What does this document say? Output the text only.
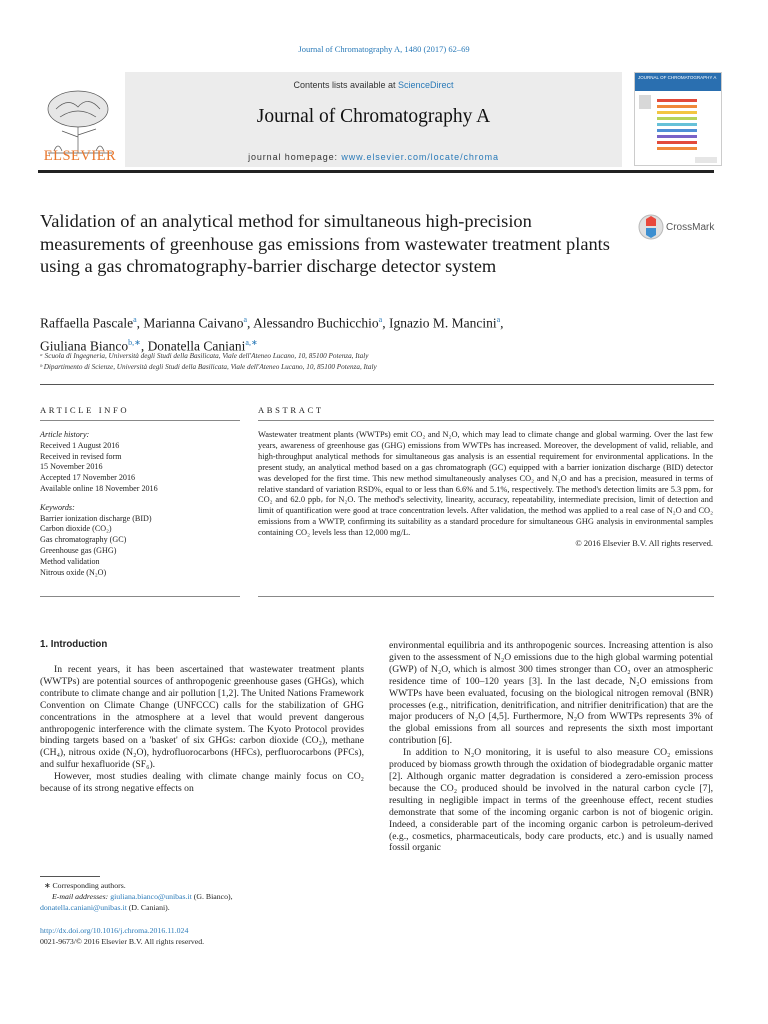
Journal of Chromatography A, 1480 (2017) 62–69
ELSEVIER
Contents lists available at ScienceDirect
Journal of Chromatography A
journal homepage: www.elsevier.com/locate/chroma
JOURNAL OF CHROMATOGRAPHY A
Validation of an analytical method for simultaneous high-precision measurements of greenhouse gas emissions from wastewater treatment plants using a gas chromatography-barrier discharge detector system
CrossMark
Raffaella Pascale$^a$, Marianna Caivano$^a$, Alessandro Buchicchio$^a$, Ignazio M. Mancini$^a$,
Giuliana Bianco$^{b,∗}$, Donatella Caniani$^{a,∗}$
ᵃ Scuola di Ingegneria, Università degli Studi della Basilicata, Viale dell'Ateneo Lucano, 10, 85100 Potenza, Italy
ᵇ Dipartimento di Scienze, Università degli Studi della Basilicata, Viale dell'Ateneo Lucano, 10, 85100 Potenza, Italy
ARTICLE INFO
Article history:
Received 1 August 2016
Received in revised form
15 November 2016
Accepted 17 November 2016
Available online 18 November 2016
Keywords:
Barrier ionization discharge (BID)
Carbon dioxide (CO₂)
Gas chromatography (GC)
Greenhouse gas (GHG)
Method validation
Nitrous oxide (N₂O)
ABSTRACT
Wastewater treatment plants (WWTPs) emit CO₂ and N₂O, which may lead to climate change and global warming. Over the last few years, awareness of greenhouse gas (GHG) emissions from WWTPs has increased. Moreover, the development of valid, reliable, and high-throughput analytical methods for simultaneous gas analysis is an essential requirement for environmental applications. In the present study, an analytical method based on a gas chromatograph (GC) equipped with a barrier ionization discharge (BID) detector was developed for the first time. This new method simultaneously analyses CO₂ and N₂O and has a precision, measured in terms of relative standard of variation RSD%, equal to or less than 6.6% and 5.1%, respectively. The method's detection limits are 5.3 ppmᵥ for CO₂ and 62.0 ppbᵥ for N₂O. The method's selectivity, linearity, accuracy, repeatability, intermediate precision, limit of detection and limit of quantification were good at trace concentration levels. After validation, the method was applied to a real case of N₂O and CO₂ emissions from a WWTP, confirming its suitability as a standard procedure for simultaneous GHG analysis in environmental samples containing CO₂ levels less than 12,000 mg/L.
© 2016 Elsevier B.V. All rights reserved.
1. Introduction

In recent years, it has been ascertained that wastewater treatment plants (WWTPs) are potential sources of anthropogenic greenhouse gases (GHGs), which contribute to climate change and air pollution [1,2]. The United Nations Framework Convention on Climate Change (UNFCCC) calls for the stabilization of GHG concentrations in the atmosphere at a level that would prevent dangerous anthropogenic interference with the climate system. The Kyoto Protocol provides binding targets based on a 'basket' of six GHGs: carbon dioxide (CO₂), methane (CH₄), nitrous oxide (N₂O), hydrofluorocarbons (HFCs), perfluorocarbons (PFCs), and sulfur hexafluoride (SF₆).

However, most studies dealing with climate change mainly focus on CO₂ because of its strong negative effects on

environmental equilibria and its anthropogenic sources. Increasing attention is also given to the assessment of N₂O emissions due to the high global warming potential (GWP) of N₂O, which is almost 300 times stronger than CO₂ over an atmospheric residence time of 100–120 years [3]. In the last decade, N₂O emissions from WWTPs have been evaluated, focusing on the biological nitrogen removal (BNR) processes (e.g., nitrification, denitrification, and nitrifier denitrification) that are the major producers of N₂O [4,5]. Furthermore, N₂O from WWTPs represents 3% of the global emissions from all sources and represents the sixth most important contribution [6].

In addition to N₂O monitoring, it is useful to also measure CO₂ emissions produced by biomass growth through the oxidation of biodegradable organic matter [2]. Although organic matter degradation is considered a zero-emission process because the CO₂ produced should be involved in the natural carbon cycle [7], resulting in negligible impact in terms of the greenhouse effect, recent studies demonstrate that some of the incoming organic carbon is not of biogenic origin. Indeed, a considerable part of the incoming organic carbon is petroleum-derived (e.g., cosmetics, pharmaceuticals, body care products, etc.) and is usually named fossil organic

∗ Corresponding authors.
E-mail addresses: giuliana.bianco@unibas.it (G. Bianco),
donatella.caniani@unibas.it (D. Caniani).
http://dx.doi.org/10.1016/j.chroma.2016.11.024
0021-9673/© 2016 Elsevier B.V. All rights reserved.
